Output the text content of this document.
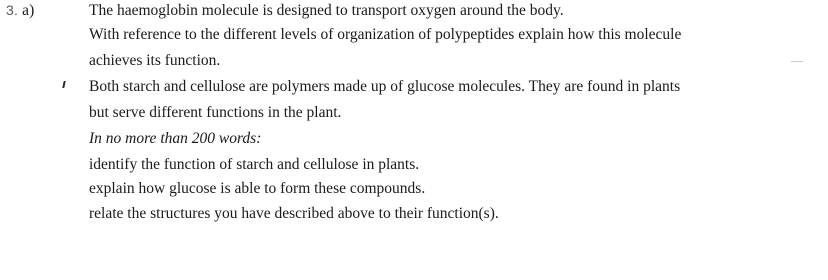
3. a)	The haemoglobin molecule is designed to transport oxygen around the body.
With reference to the different levels of organization of polypeptides explain how this molecule
achieves its function.
Both starch and cellulose are polymers made up of glucose molecules. They are found in plants
but serve different functions in the plant.
In no more than 200 words:
identify the function of starch and cellulose in plants.
explain how glucose is able to form these compounds.
relate the structures you have described above to their function(s).
